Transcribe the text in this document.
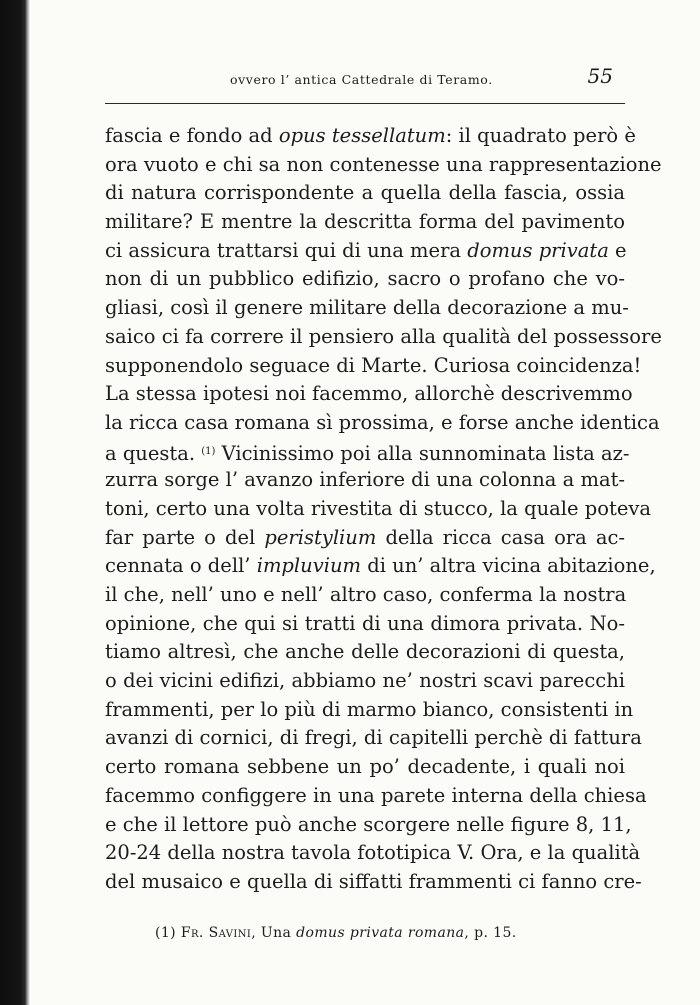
ovvero l’ antica Cattedrale di Teramo.	55
fascia e fondo ad opus tessellatum: il quadrato però è
ora vuoto e chi sa non contenesse una rappresentazione
di natura corrispondente a quella della fascia, ossia
militare? E mentre la descritta forma del pavimento
ci assicura trattarsi qui di una mera domus privata e
non di un pubblico edifizio, sacro o profano che vo-
gliasi, così il genere militare della decorazione a mu-
saico ci fa correre il pensiero alla qualità del possessore
supponendolo seguace di Marte. Curiosa coincidenza!
La stessa ipotesi noi facemmo, allorchè descrivemmo
la ricca casa romana sì prossima, e forse anche identica
a questa. $^{(1)}$ Vicinissimo poi alla sunnominata lista az-
zurra sorge l’ avanzo inferiore di una colonna a mat-
toni, certo una volta rivestita di stucco, la quale poteva
far parte o del peristylium della ricca casa ora ac-
cennata o dell’ impluvium di un’ altra vicina abitazione,
il che, nell’ uno e nell’ altro caso, conferma la nostra
opinione, che qui si tratti di una dimora privata. No-
tiamo altresì, che anche delle decorazioni di questa,
o dei vicini edifizi, abbiamo ne’ nostri scavi parecchi
frammenti, per lo più di marmo bianco, consistenti in
avanzi di cornici, di fregi, di capitelli perchè di fattura
certo romana sebbene un po’ decadente, i quali noi
facemmo configgere in una parete interna della chiesa
e che il lettore può anche scorgere nelle figure 8, 11,
20-24 della nostra tavola fototipica V. Ora, e la qualità
del musaico e quella di siffatti frammenti ci fanno cre-
(1) Fr. Savini, Una domus privata romana, p. 15.
